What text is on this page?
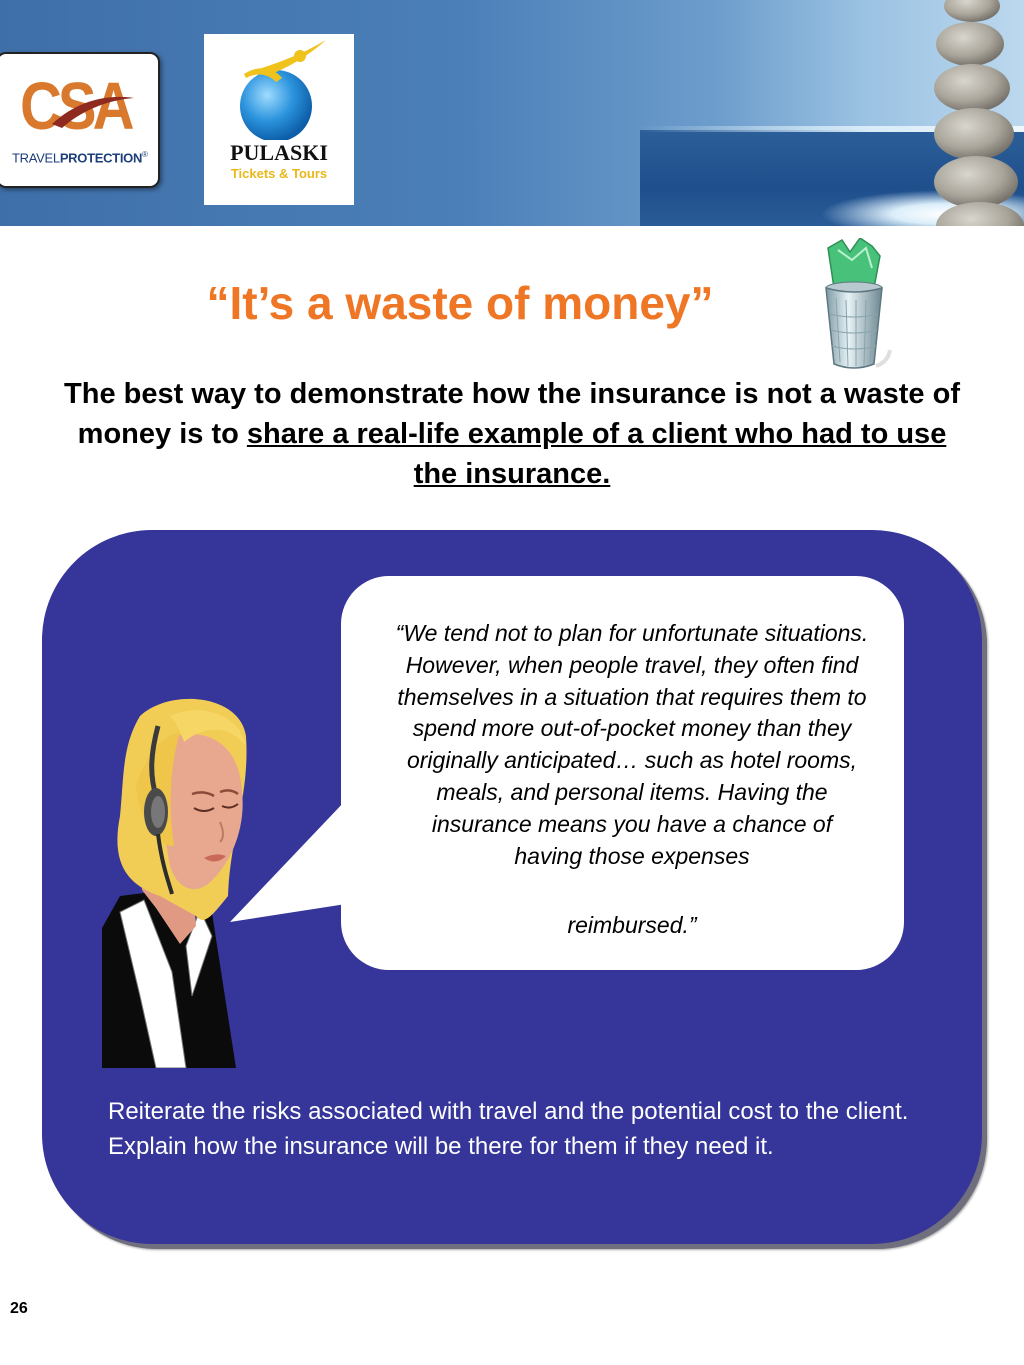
CSA
TRAVELPROTECTION®	PULASKI
Tickets & Tours
“It’s a waste of money”
The best way to demonstrate how the insurance is not a waste of money is to share a real-life example of a client who had to use the insurance.
“We tend not to plan for unfortunate situations. However, when people travel, they often find themselves in a situation that requires them to spend more out-of-pocket money than they originally anticipated… such as hotel rooms, meals, and personal items. Having the insurance means you have a chance of having those expenses
reimbursed.”
Reiterate the risks associated with travel and the potential cost to the client. Explain how the insurance will be there for them if they need it.
26
